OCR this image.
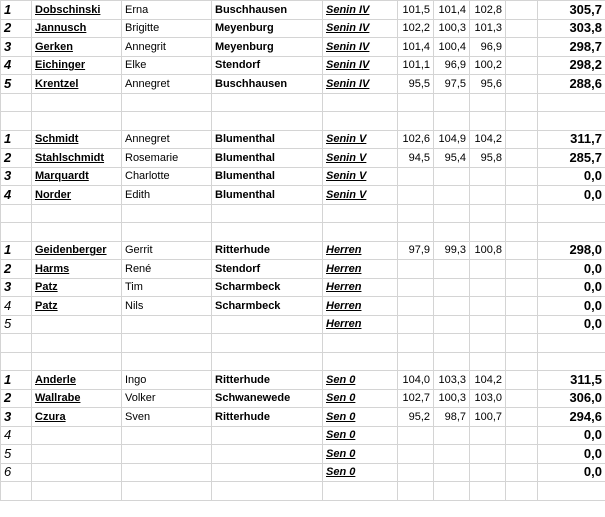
1	Dobschinski	Erna	Buschhausen	Senin IV	101,5	101,4	102,8		305,7
2	Jannusch	Brigitte	Meyenburg	Senin IV	102,2	100,3	101,3		303,8
3	Gerken	Annegrit	Meyenburg	Senin IV	101,4	100,4	96,9		298,7
4	Eichinger	Elke	Stendorf	Senin IV	101,1	96,9	100,2		298,2
5	Krentzel	Annegret	Buschhausen	Senin IV	95,5	97,5	95,6		288,6

1	Schmidt	Annegret	Blumenthal	Senin V	102,6	104,9	104,2		311,7
2	Stahlschmidt	Rosemarie	Blumenthal	Senin V	94,5	95,4	95,8		285,7
3	Marquardt	Charlotte	Blumenthal	Senin V					0,0
4	Norder	Edith	Blumenthal	Senin V					0,0

1	Geidenberger	Gerrit	Ritterhude	Herren	97,9	99,3	100,8		298,0
2	Harms	René	Stendorf	Herren					0,0
3	Patz	Tim	Scharmbeck	Herren					0,0
4	Patz	Nils	Scharmbeck	Herren					0,0
5				Herren					0,0

1	Anderle	Ingo	Ritterhude	Sen 0	104,0	103,3	104,2		311,5
2	Wallrabe	Volker	Schwanewede	Sen 0	102,7	100,3	103,0		306,0
3	Czura	Sven	Ritterhude	Sen 0	95,2	98,7	100,7		294,6
4				Sen 0					0,0
5				Sen 0					0,0
6				Sen 0					0,0
